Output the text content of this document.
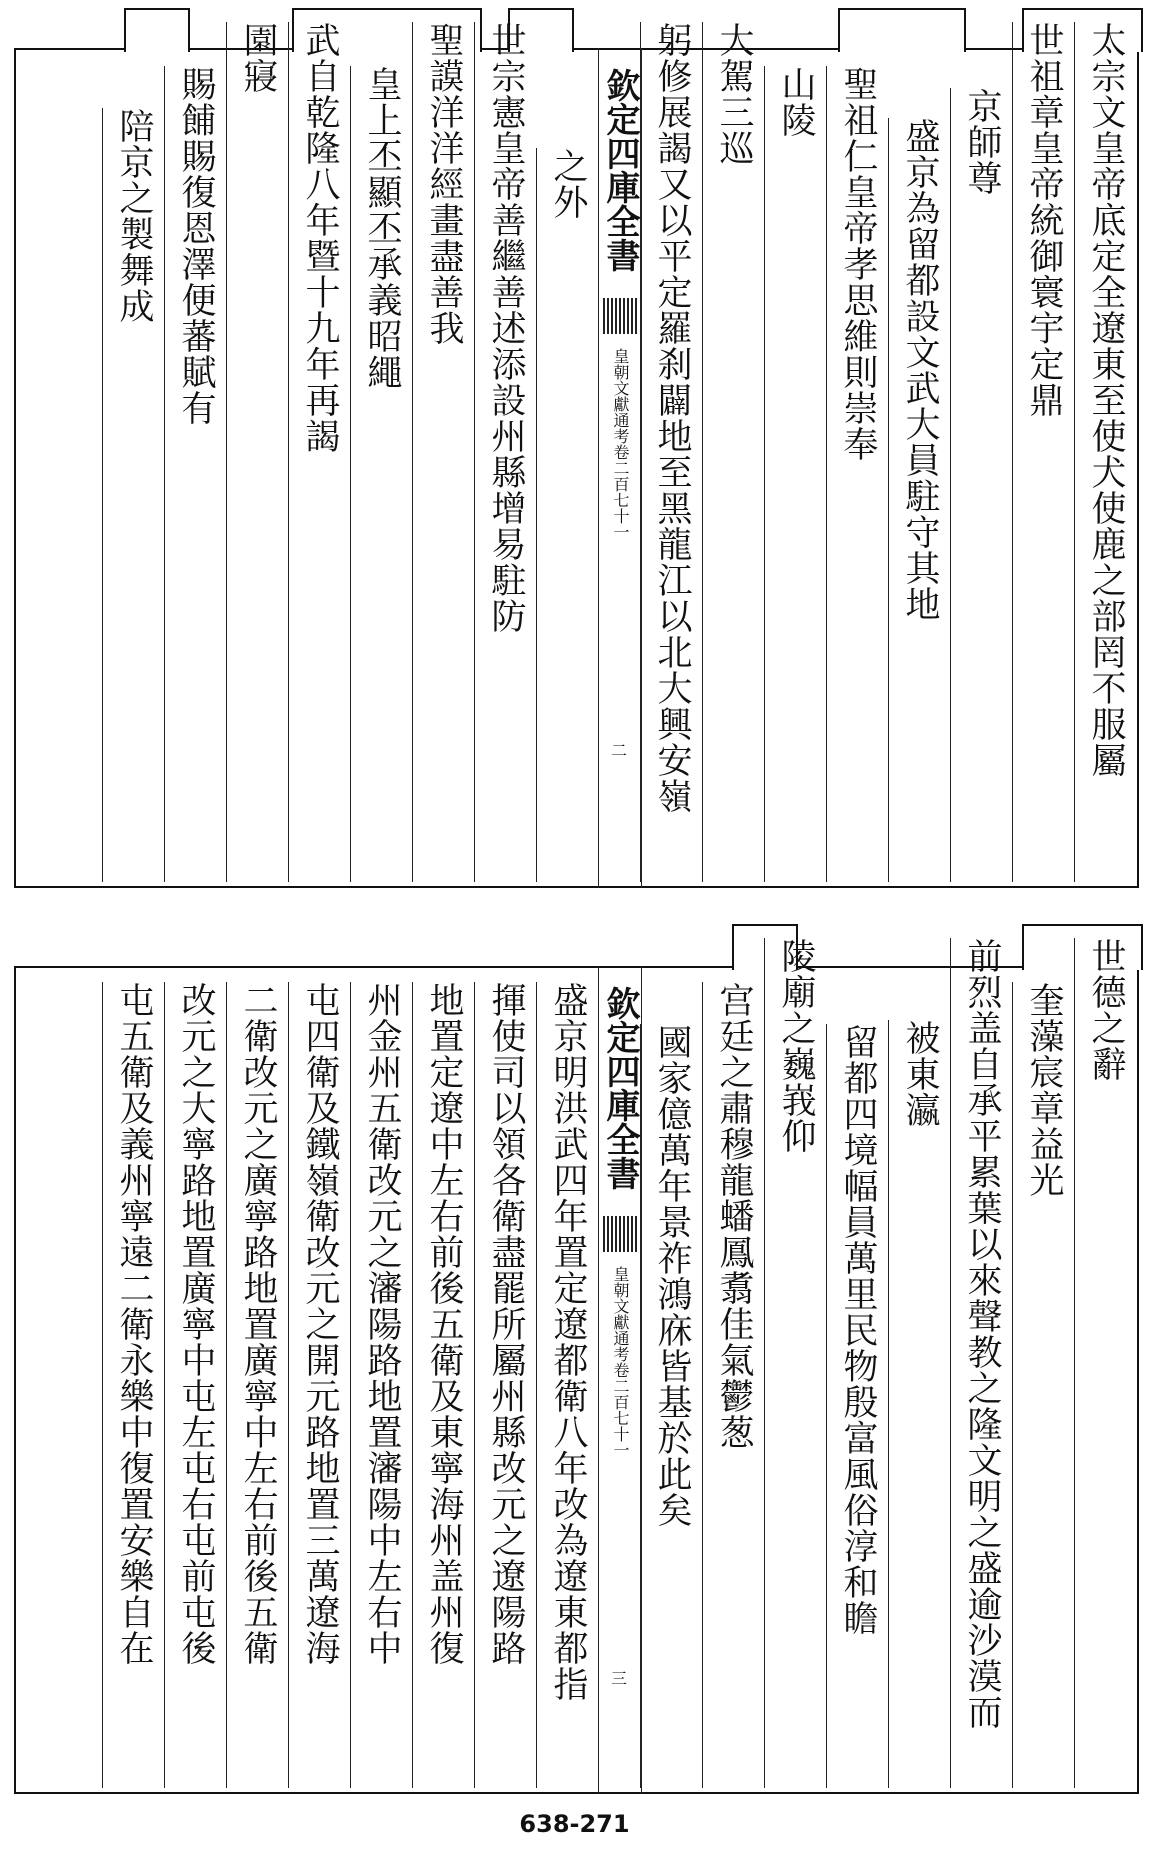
太宗文皇帝底定全遼東至使犬使鹿之部罔不服屬
世祖章皇帝統御寰宇定鼎
京師尊
盛京為留都設文武大員駐守其地
聖祖仁皇帝孝思維則崇奉
山陵
大駕三巡
躬修展謁又以平定羅刹闢地至黑龍江以北大興安嶺
欽定四庫全書
皇朝文獻通考卷二百七十一
二
之外
世宗憲皇帝善繼善述添設州縣增易駐防
聖謨洋洋經畫盡善我
皇上丕顯丕承義昭繩
武自乾隆八年暨十九年再謁
園寢
賜餔賜復恩澤便蕃賦有
陪京之製舞成
世德之辭
奎藻宸章益光
前烈盖自承平累葉以來聲教之隆文明之盛逾沙漠而
被東瀛
留都四境幅員萬里民物殷富風俗淳和瞻
陵廟之巍峩仰
宫廷之肅穆龍蟠鳳翥佳氣鬱葱
國家億萬年景祚鴻庥皆基於此矣
欽定四庫全書
皇朝文獻通考卷二百七十一
三
盛京明洪武四年置定遼都衛八年改為遼東都指
揮使司以領各衛盡罷所屬州縣改元之遼陽路
地置定遼中左右前後五衛及東寧海州盖州復
州金州五衛改元之瀋陽路地置瀋陽中左右中
屯四衛及鐵嶺衛改元之開元路地置三萬遼海
二衛改元之廣寧路地置廣寧中左右前後五衛
改元之大寧路地置廣寧中屯左屯右屯前屯後
屯五衛及義州寧遠二衛永樂中復置安樂自在
638-271
